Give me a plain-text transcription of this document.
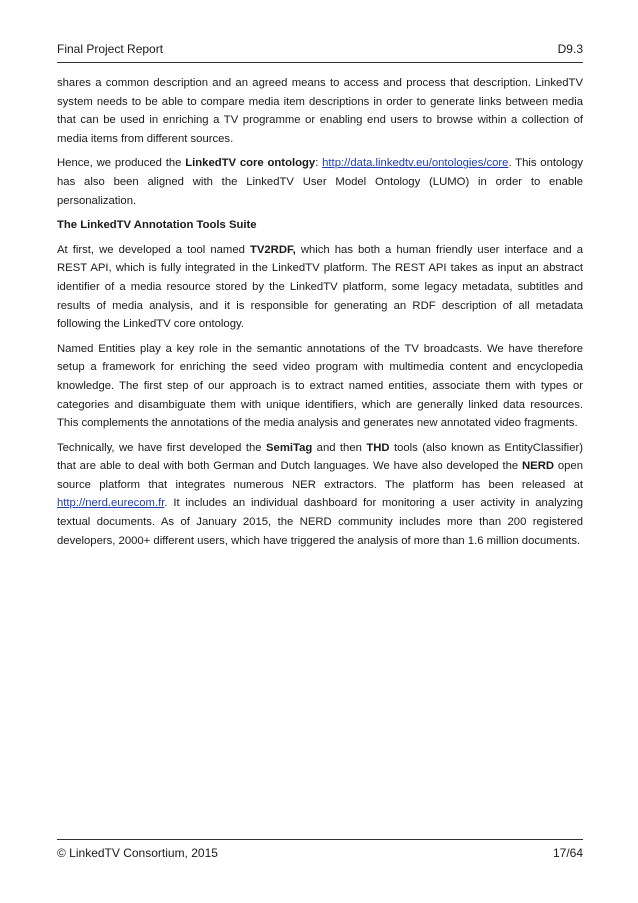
Final Project Report	D9.3

shares a common description and an agreed means to access and process that description. LinkedTV system needs to be able to compare media item descriptions in order to generate links between media that can be used in enriching a TV programme or enabling end users to browse within a collection of media items from different sources.

Hence, we produced the LinkedTV core ontology: http://data.linkedtv.eu/ontologies/core. This ontology has also been aligned with the LinkedTV User Model Ontology (LUMO) in order to enable personalization.

The LinkedTV Annotation Tools Suite

At first, we developed a tool named TV2RDF, which has both a human friendly user interface and a REST API, which is fully integrated in the LinkedTV platform. The REST API takes as input an abstract identifier of a media resource stored by the LinkedTV platform, some legacy metadata, subtitles and results of media analysis, and it is responsible for generating an RDF description of all metadata following the LinkedTV core ontology.

Named Entities play a key role in the semantic annotations of the TV broadcasts. We have therefore setup a framework for enriching the seed video program with multimedia content and encyclopedia knowledge. The first step of our approach is to extract named entities, associate them with types or categories and disambiguate them with unique identifiers, which are generally linked data resources. This complements the annotations of the media analysis and generates new annotated video fragments.

Technically, we have first developed the SemiTag and then THD tools (also known as EntityClassifier) that are able to deal with both German and Dutch languages. We have also developed the NERD open source platform that integrates numerous NER extractors. The platform has been released at http://nerd.eurecom.fr. It includes an individual dashboard for monitoring a user activity in analyzing textual documents. As of January 2015, the NERD community includes more than 200 registered developers, 2000+ different users, which have triggered the analysis of more than 1.6 million documents.

© LinkedTV Consortium, 2015	17/64
